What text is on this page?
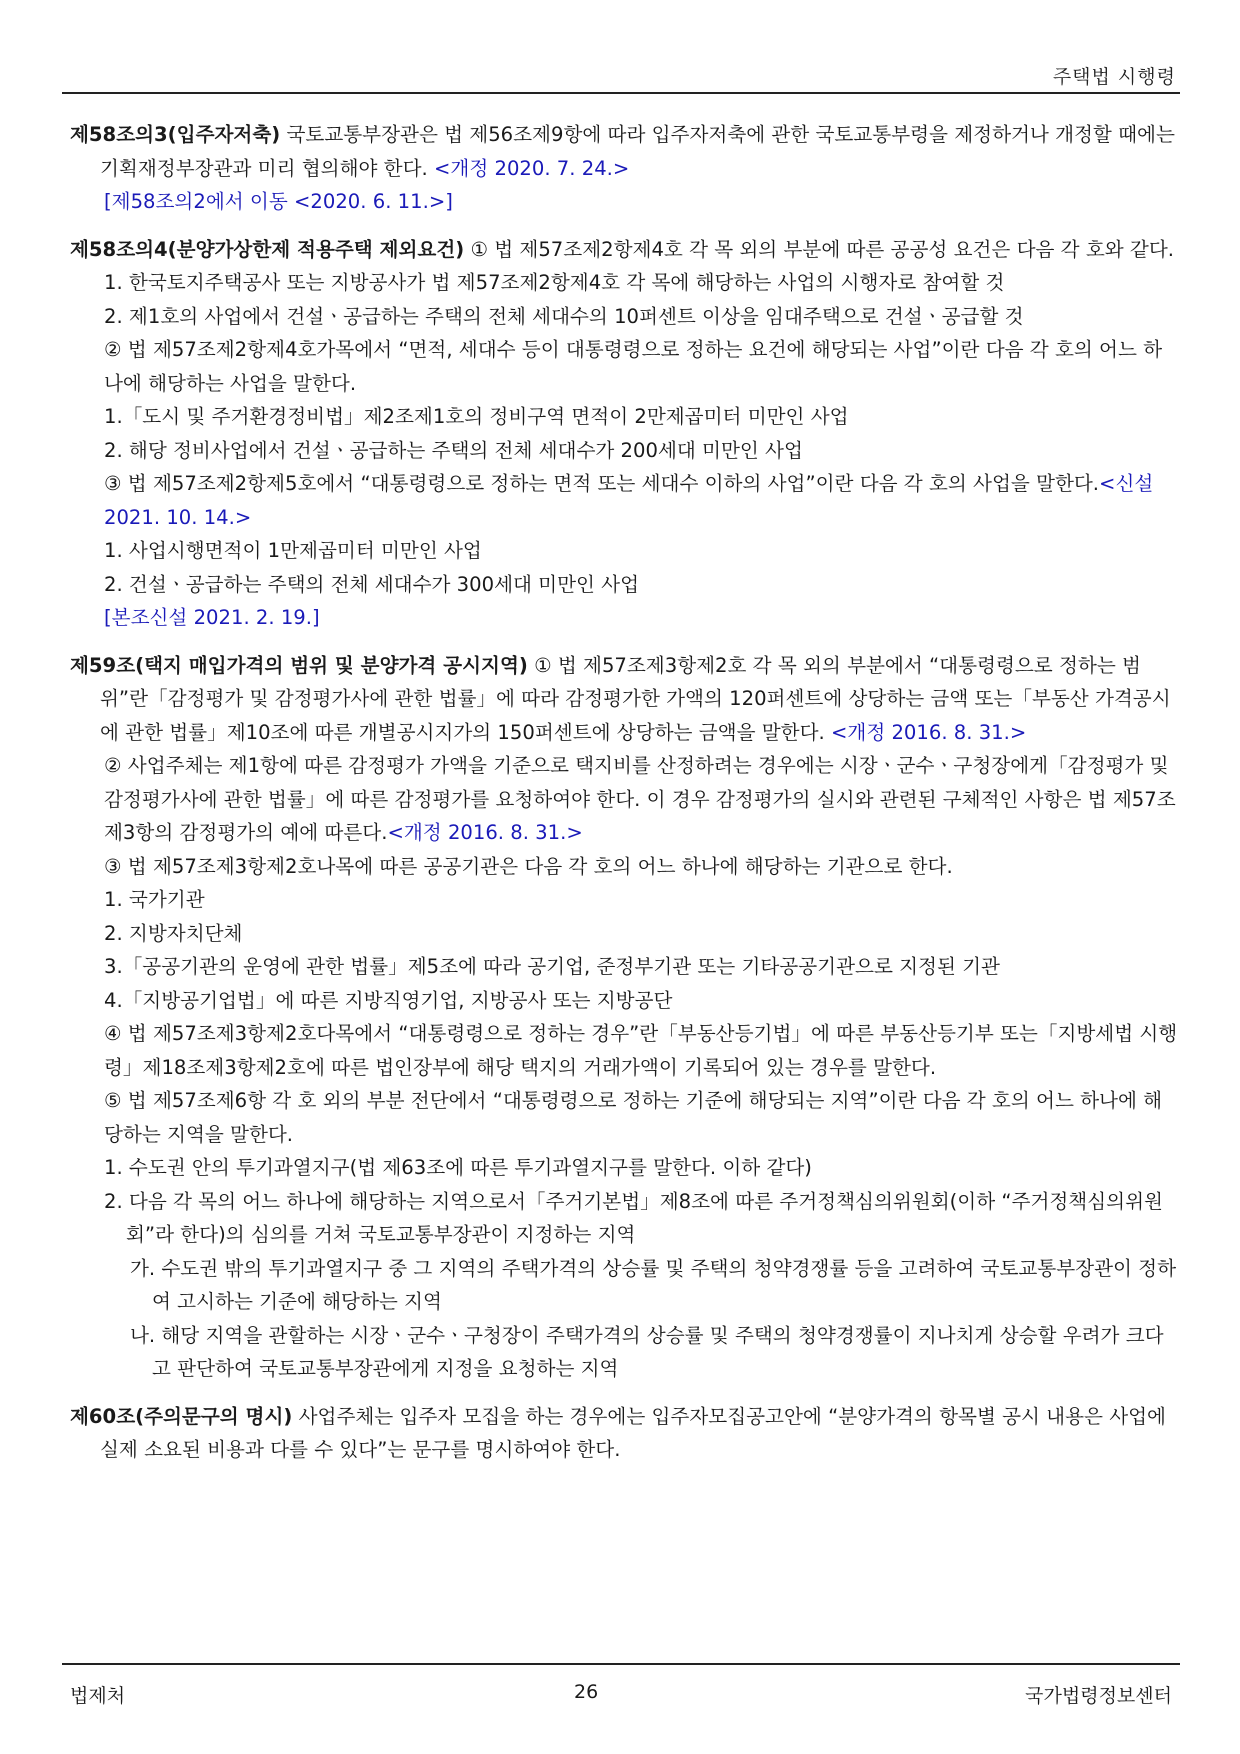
주택법 시행령
제58조의3(입주자저축) 국토교통부장관은 법 제56조제9항에 따라 입주자저축에 관한 국토교통부령을 제정하거나 개정할 때에는 기획재정부장관과 미리 협의해야 한다. <개정 2020. 7. 24.>
[제58조의2에서 이동 <2020. 6. 11.>]
제58조의4(분양가상한제 적용주택 제외요건) ① 법 제57조제2항제4호 각 목 외의 부분에 따른 공공성 요건은 다음 각 호와 같다.
1. 한국토지주택공사 또는 지방공사가 법 제57조제2항제4호 각 목에 해당하는 사업의 시행자로 참여할 것
2. 제1호의 사업에서 건설ㆍ공급하는 주택의 전체 세대수의 10퍼센트 이상을 임대주택으로 건설ㆍ공급할 것
② 법 제57조제2항제4호가목에서 “면적, 세대수 등이 대통령령으로 정하는 요건에 해당되는 사업”이란 다음 각 호의 어느 하나에 해당하는 사업을 말한다.
1.「도시 및 주거환경정비법」제2조제1호의 정비구역 면적이 2만제곱미터 미만인 사업
2. 해당 정비사업에서 건설ㆍ공급하는 주택의 전체 세대수가 200세대 미만인 사업
③ 법 제57조제2항제5호에서 “대통령령으로 정하는 면적 또는 세대수 이하의 사업”이란 다음 각 호의 사업을 말한다.<신설 2021. 10. 14.>
1. 사업시행면적이 1만제곱미터 미만인 사업
2. 건설ㆍ공급하는 주택의 전체 세대수가 300세대 미만인 사업
[본조신설 2021. 2. 19.]
제59조(택지 매입가격의 범위 및 분양가격 공시지역) ① 법 제57조제3항제2호 각 목 외의 부분에서 “대통령령으로 정하는 범위”란「감정평가 및 감정평가사에 관한 법률」에 따라 감정평가한 가액의 120퍼센트에 상당하는 금액 또는「부동산 가격공시에 관한 법률」제10조에 따른 개별공시지가의 150퍼센트에 상당하는 금액을 말한다. <개정 2016. 8. 31.>
② 사업주체는 제1항에 따른 감정평가 가액을 기준으로 택지비를 산정하려는 경우에는 시장ㆍ군수ㆍ구청장에게「감정평가 및 감정평가사에 관한 법률」에 따른 감정평가를 요청하여야 한다. 이 경우 감정평가의 실시와 관련된 구체적인 사항은 법 제57조제3항의 감정평가의 예에 따른다.<개정 2016. 8. 31.>
③ 법 제57조제3항제2호나목에 따른 공공기관은 다음 각 호의 어느 하나에 해당하는 기관으로 한다.
1. 국가기관
2. 지방자치단체
3.「공공기관의 운영에 관한 법률」제5조에 따라 공기업, 준정부기관 또는 기타공공기관으로 지정된 기관
4.「지방공기업법」에 따른 지방직영기업, 지방공사 또는 지방공단
④ 법 제57조제3항제2호다목에서 “대통령령으로 정하는 경우”란「부동산등기법」에 따른 부동산등기부 또는「지방세법 시행령」제18조제3항제2호에 따른 법인장부에 해당 택지의 거래가액이 기록되어 있는 경우를 말한다.
⑤ 법 제57조제6항 각 호 외의 부분 전단에서 “대통령령으로 정하는 기준에 해당되는 지역”이란 다음 각 호의 어느 하나에 해당하는 지역을 말한다.
1. 수도권 안의 투기과열지구(법 제63조에 따른 투기과열지구를 말한다. 이하 같다)
2. 다음 각 목의 어느 하나에 해당하는 지역으로서「주거기본법」제8조에 따른 주거정책심의위원회(이하 “주거정책심의위원회”라 한다)의 심의를 거쳐 국토교통부장관이 지정하는 지역
가. 수도권 밖의 투기과열지구 중 그 지역의 주택가격의 상승률 및 주택의 청약경쟁률 등을 고려하여 국토교통부장관이 정하여 고시하는 기준에 해당하는 지역
나. 해당 지역을 관할하는 시장ㆍ군수ㆍ구청장이 주택가격의 상승률 및 주택의 청약경쟁률이 지나치게 상승할 우려가 크다고 판단하여 국토교통부장관에게 지정을 요청하는 지역
제60조(주의문구의 명시) 사업주체는 입주자 모집을 하는 경우에는 입주자모집공고안에 “분양가격의 항목별 공시 내용은 사업에 실제 소요된 비용과 다를 수 있다”는 문구를 명시하여야 한다.
법제처	26	국가법령정보센터
